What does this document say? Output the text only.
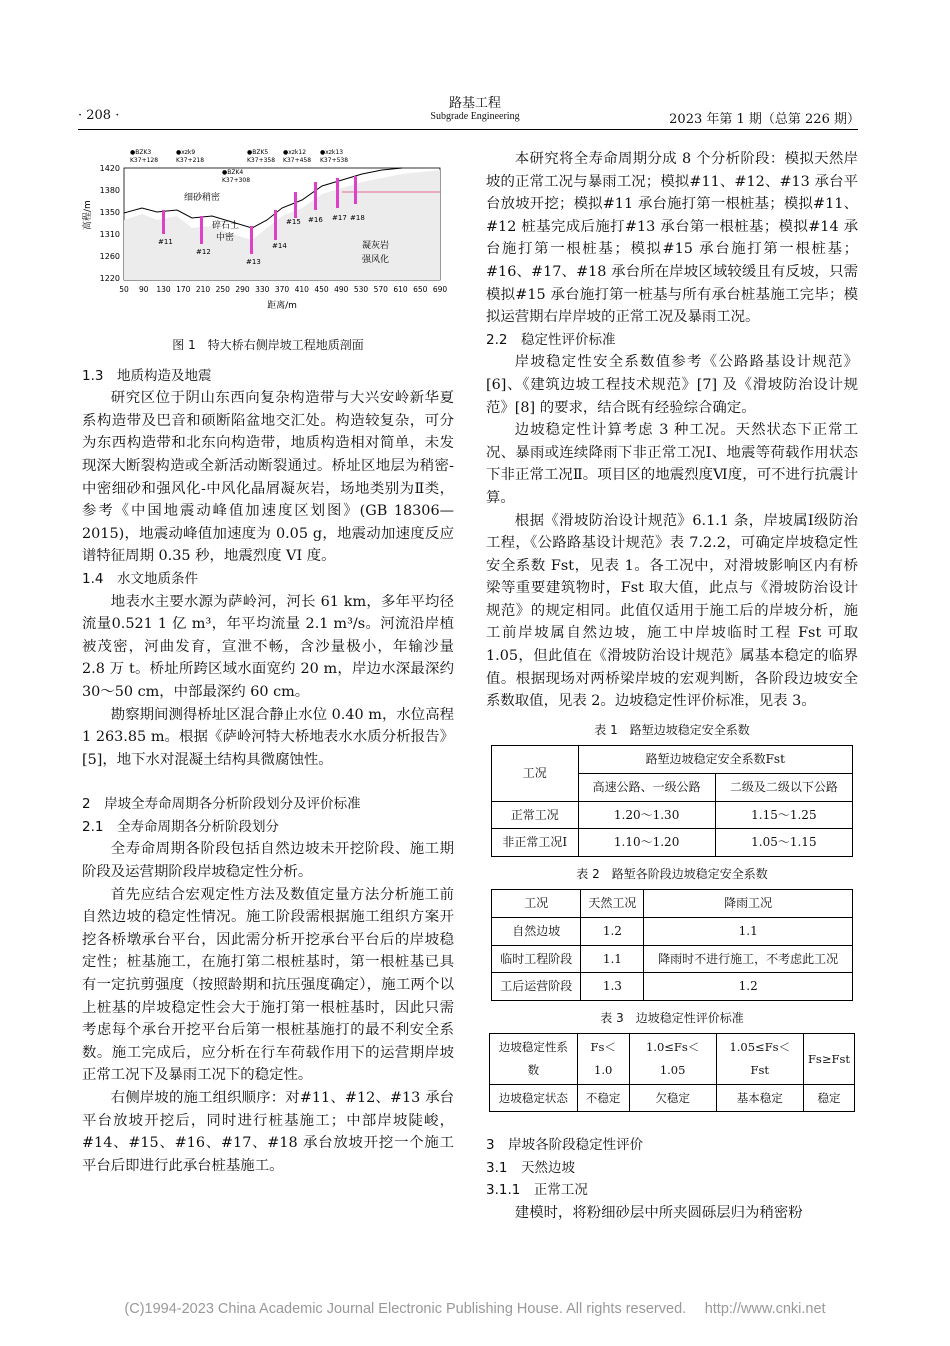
路基工程
Subgrade Engineering
· 208 ·	2023 年第 1 期（总第 226 期）
1420
1380
1350
1310
1260
1220
高程/m
50 90 130 170 210 250 290 330 370 410 450 490 530 570 610 650 690
距离/m
●BZK3
K37+128
●xzk9
K37+218
●BZK4
K37+308
●BZK5
K37+358
●xzk12
K37+458
●xzk13
K37+538
细砂稍密
碎石土
中密
凝灰岩
强风化
#11
#12
#13
#14
#15 #16 #17 #18
图 1　特大桥右侧岸坡工程地质剖面

1.3　地质构造及地震

研究区位于阴山东西向复杂构造带与大兴安岭新华夏系构造带及巴音和硕断陷盆地交汇处。构造较复杂，可分为东西构造带和北东向构造带，地质构造相对简单，未发现深大断裂构造或全新活动断裂通过。桥址区地层为稍密-中密细砂和强风化-中风化晶屑凝灰岩，场地类别为Ⅱ类，参考《中国地震动峰值加速度区划图》(GB 18306—2015)，地震动峰值加速度为 0.05 g，地震动加速度反应谱特征周期 0.35 秒，地震烈度 VI 度。

1.4　水文地质条件

地表水主要水源为萨岭河，河长 61 km，多年平均径流量0.521 1 亿 m³，年平均流量 2.1 m³/s。河流沿岸植被茂密，河曲发育，宣泄不畅，含沙量极小，年输沙量 2.8 万 t。桥址所跨区域水面宽约 20 m，岸边水深最深约 30～50 cm，中部最深约 60 cm。

勘察期间测得桥址区混合静止水位 0.40 m，水位高程 1 263.85 m。根据《萨岭河特大桥地表水水质分析报告》[5]，地下水对混凝土结构具微腐蚀性。

2　岸坡全寿命周期各分析阶段划分及评价标准

2.1　全寿命周期各分析阶段划分

全寿命周期各阶段包括自然边坡未开挖阶段、施工期阶段及运营期阶段岸坡稳定性分析。

首先应结合宏观定性方法及数值定量方法分析施工前自然边坡的稳定性情况。施工阶段需根据施工组织方案开挖各桥墩承台平台，因此需分析开挖承台平台后的岸坡稳定性；桩基施工，在施打第二根桩基时，第一根桩基已具有一定抗剪强度（按照龄期和抗压强度确定），施工两个以上桩基的岸坡稳定性会大于施打第一根桩基时，因此只需考虑每个承台开挖平台后第一根桩基施打的最不利安全系数。施工完成后，应分析在行车荷载作用下的运营期岸坡正常工况下及暴雨工况下的稳定性。

右侧岸坡的施工组织顺序：对#11、#12、#13 承台平台放坡开挖后，同时进行桩基施工；中部岸坡陡峻，#14、#15、#16、#17、#18 承台放坡开挖一个施工平台后即进行此承台桩基施工。

本研究将全寿命周期分成 8 个分析阶段：模拟天然岸坡的正常工况与暴雨工况；模拟#11、#12、#13 承台平台放坡开挖；模拟#11 承台施打第一根桩基；模拟#11、#12 桩基完成后施打#13 承台第一根桩基；模拟#14 承台施打第一根桩基；模拟#15 承台施打第一根桩基；#16、#17、#18 承台所在岸坡区域较缓且有反坡，只需模拟#15 承台施打第一桩基与所有承台桩基施工完毕；模拟运营期右岸岸坡的正常工况及暴雨工况。

2.2　稳定性评价标准

岸坡稳定性安全系数值参考《公路路基设计规范》[6]、《建筑边坡工程技术规范》[7] 及《滑坡防治设计规范》[8] 的要求，结合既有经验综合确定。

边坡稳定性计算考虑 3 种工况。天然状态下正常工况、暴雨或连续降雨下非正常工况Ⅰ、地震等荷载作用状态下非正常工况Ⅱ。项目区的地震烈度Ⅵ度，可不进行抗震计算。

根据《滑坡防治设计规范》6.1.1 条，岸坡属Ⅰ级防治工程，《公路路基设计规范》表 7.2.2，可确定岸坡稳定性安全系数 Fst，见表 1。各工况中，对滑坡影响区内有桥梁等重要建筑物时，Fst 取大值，此点与《滑坡防治设计规范》的规定相同。此值仅适用于施工后的岸坡分析，施工前岸坡属自然边坡，施工中岸坡临时工程 Fst 可取 1.05，但此值在《滑坡防治设计规范》属基本稳定的临界值。根据现场对两桥梁岸坡的宏观判断，各阶段边坡安全系数取值，见表 2。边坡稳定性评价标准，见表 3。

表 1　路堑边坡稳定安全系数
工况	路堑边坡稳定安全系数Fst	
	高速公路、一级公路	二级及二级以下公路
正常工况	1.20～1.30	1.15～1.25
非正常工况Ⅰ	1.10～1.20	1.05～1.15
表 2　路堑各阶段边坡稳定安全系数
工况	天然工况	降雨工况
自然边坡	1.2	1.1
临时工程阶段	1.1	降雨时不进行施工，不考虑此工况
工后运营阶段	1.3	1.2
表 3　边坡稳定性评价标准
边坡稳定性系数	Fs＜1.0	1.0≤Fs＜1.05	1.05≤Fs＜Fst	Fs≥Fst
边坡稳定状态	不稳定	欠稳定	基本稳定	稳定

3　岸坡各阶段稳定性评价

3.1　天然边坡

3.1.1　正常工况

建模时，将粉细砂层中所夹圆砾层归为稍密粉

(C)1994-2023 China Academic Journal Electronic Publishing House. All rights reserved.　 http://www.cnki.net
